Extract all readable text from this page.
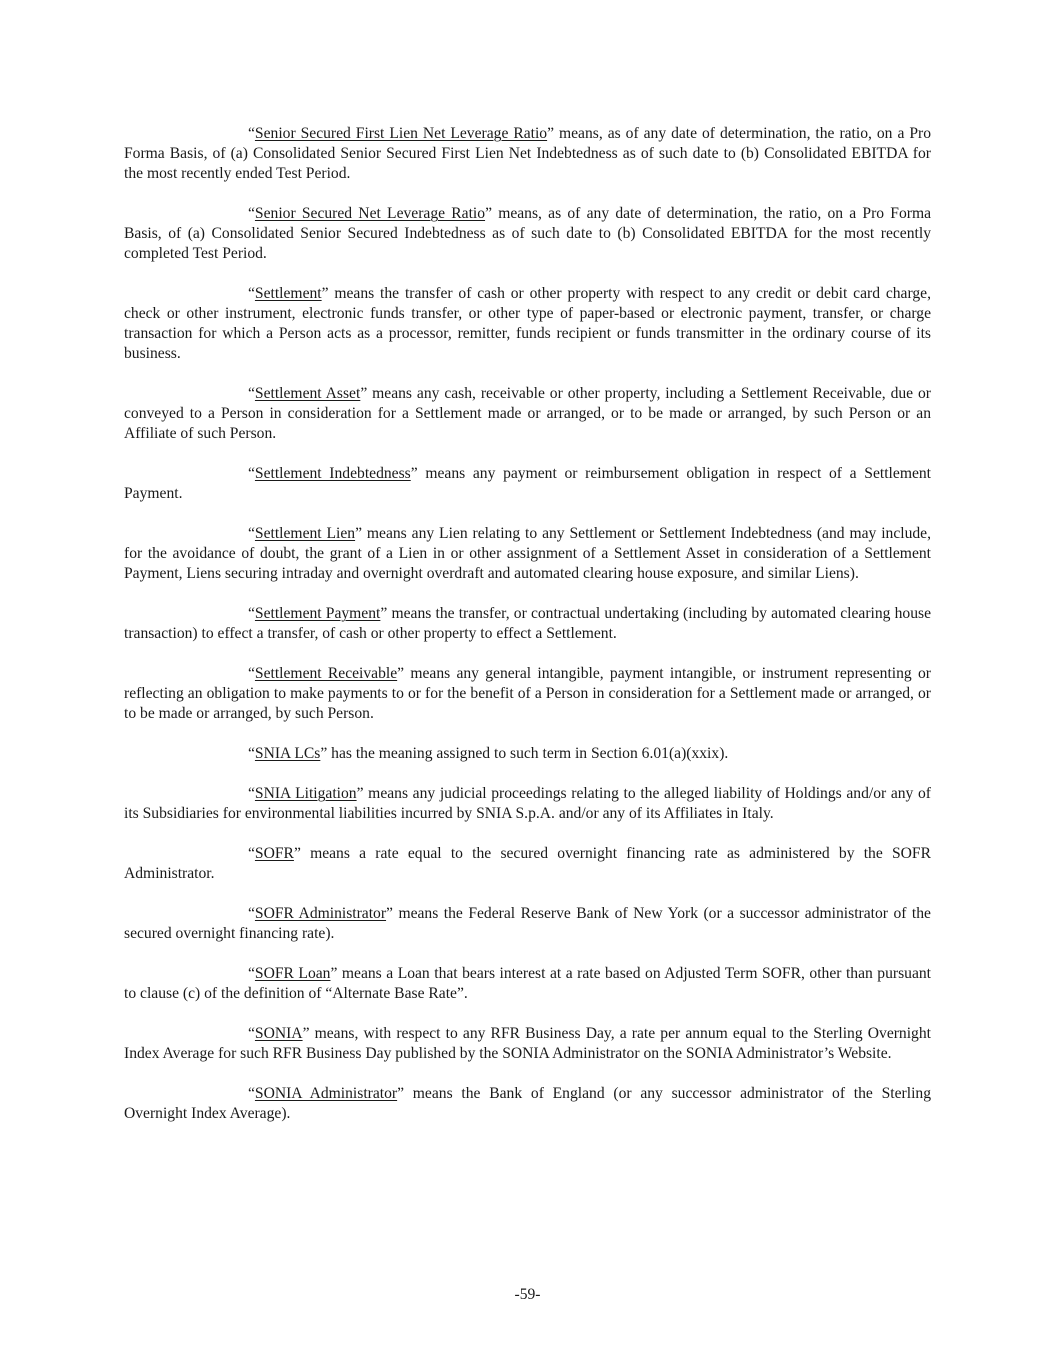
“Senior Secured First Lien Net Leverage Ratio” means, as of any date of determination, the ratio, on a Pro Forma Basis, of (a) Consolidated Senior Secured First Lien Net Indebtedness as of such date to (b) Consolidated EBITDA for the most recently ended Test Period.

“Senior Secured Net Leverage Ratio” means, as of any date of determination, the ratio, on a Pro Forma Basis, of (a) Consolidated Senior Secured Indebtedness as of such date to (b) Consolidated EBITDA for the most recently completed Test Period.

“Settlement” means the transfer of cash or other property with respect to any credit or debit card charge, check or other instrument, electronic funds transfer, or other type of paper-based or electronic payment, transfer, or charge transaction for which a Person acts as a processor, remitter, funds recipient or funds transmitter in the ordinary course of its business.

“Settlement Asset” means any cash, receivable or other property, including a Settlement Receivable, due or conveyed to a Person in consideration for a Settlement made or arranged, or to be made or arranged, by such Person or an Affiliate of such Person.

“Settlement Indebtedness” means any payment or reimbursement obligation in respect of a Settlement Payment.

“Settlement Lien” means any Lien relating to any Settlement or Settlement Indebtedness (and may include, for the avoidance of doubt, the grant of a Lien in or other assignment of a Settlement Asset in consideration of a Settlement Payment, Liens securing intraday and overnight overdraft and automated clearing house exposure, and similar Liens).

“Settlement Payment” means the transfer, or contractual undertaking (including by automated clearing house transaction) to effect a transfer, of cash or other property to effect a Settlement.

“Settlement Receivable” means any general intangible, payment intangible, or instrument representing or reflecting an obligation to make payments to or for the benefit of a Person in consideration for a Settlement made or arranged, or to be made or arranged, by such Person.

“SNIA LCs” has the meaning assigned to such term in Section 6.01(a)(xxix).

“SNIA Litigation” means any judicial proceedings relating to the alleged liability of Holdings and/or any of its Subsidiaries for environmental liabilities incurred by SNIA S.p.A. and/or any of its Affiliates in Italy.

“SOFR” means a rate equal to the secured overnight financing rate as administered by the SOFR Administrator.

“SOFR Administrator” means the Federal Reserve Bank of New York (or a successor administrator of the secured overnight financing rate).

“SOFR Loan” means a Loan that bears interest at a rate based on Adjusted Term SOFR, other than pursuant to clause (c) of the definition of “Alternate Base Rate”.

“SONIA” means, with respect to any RFR Business Day, a rate per annum equal to the Sterling Overnight Index Average for such RFR Business Day published by the SONIA Administrator on the SONIA Administrator’s Website.

“SONIA Administrator” means the Bank of England (or any successor administrator of the Sterling Overnight Index Average).

-59-
